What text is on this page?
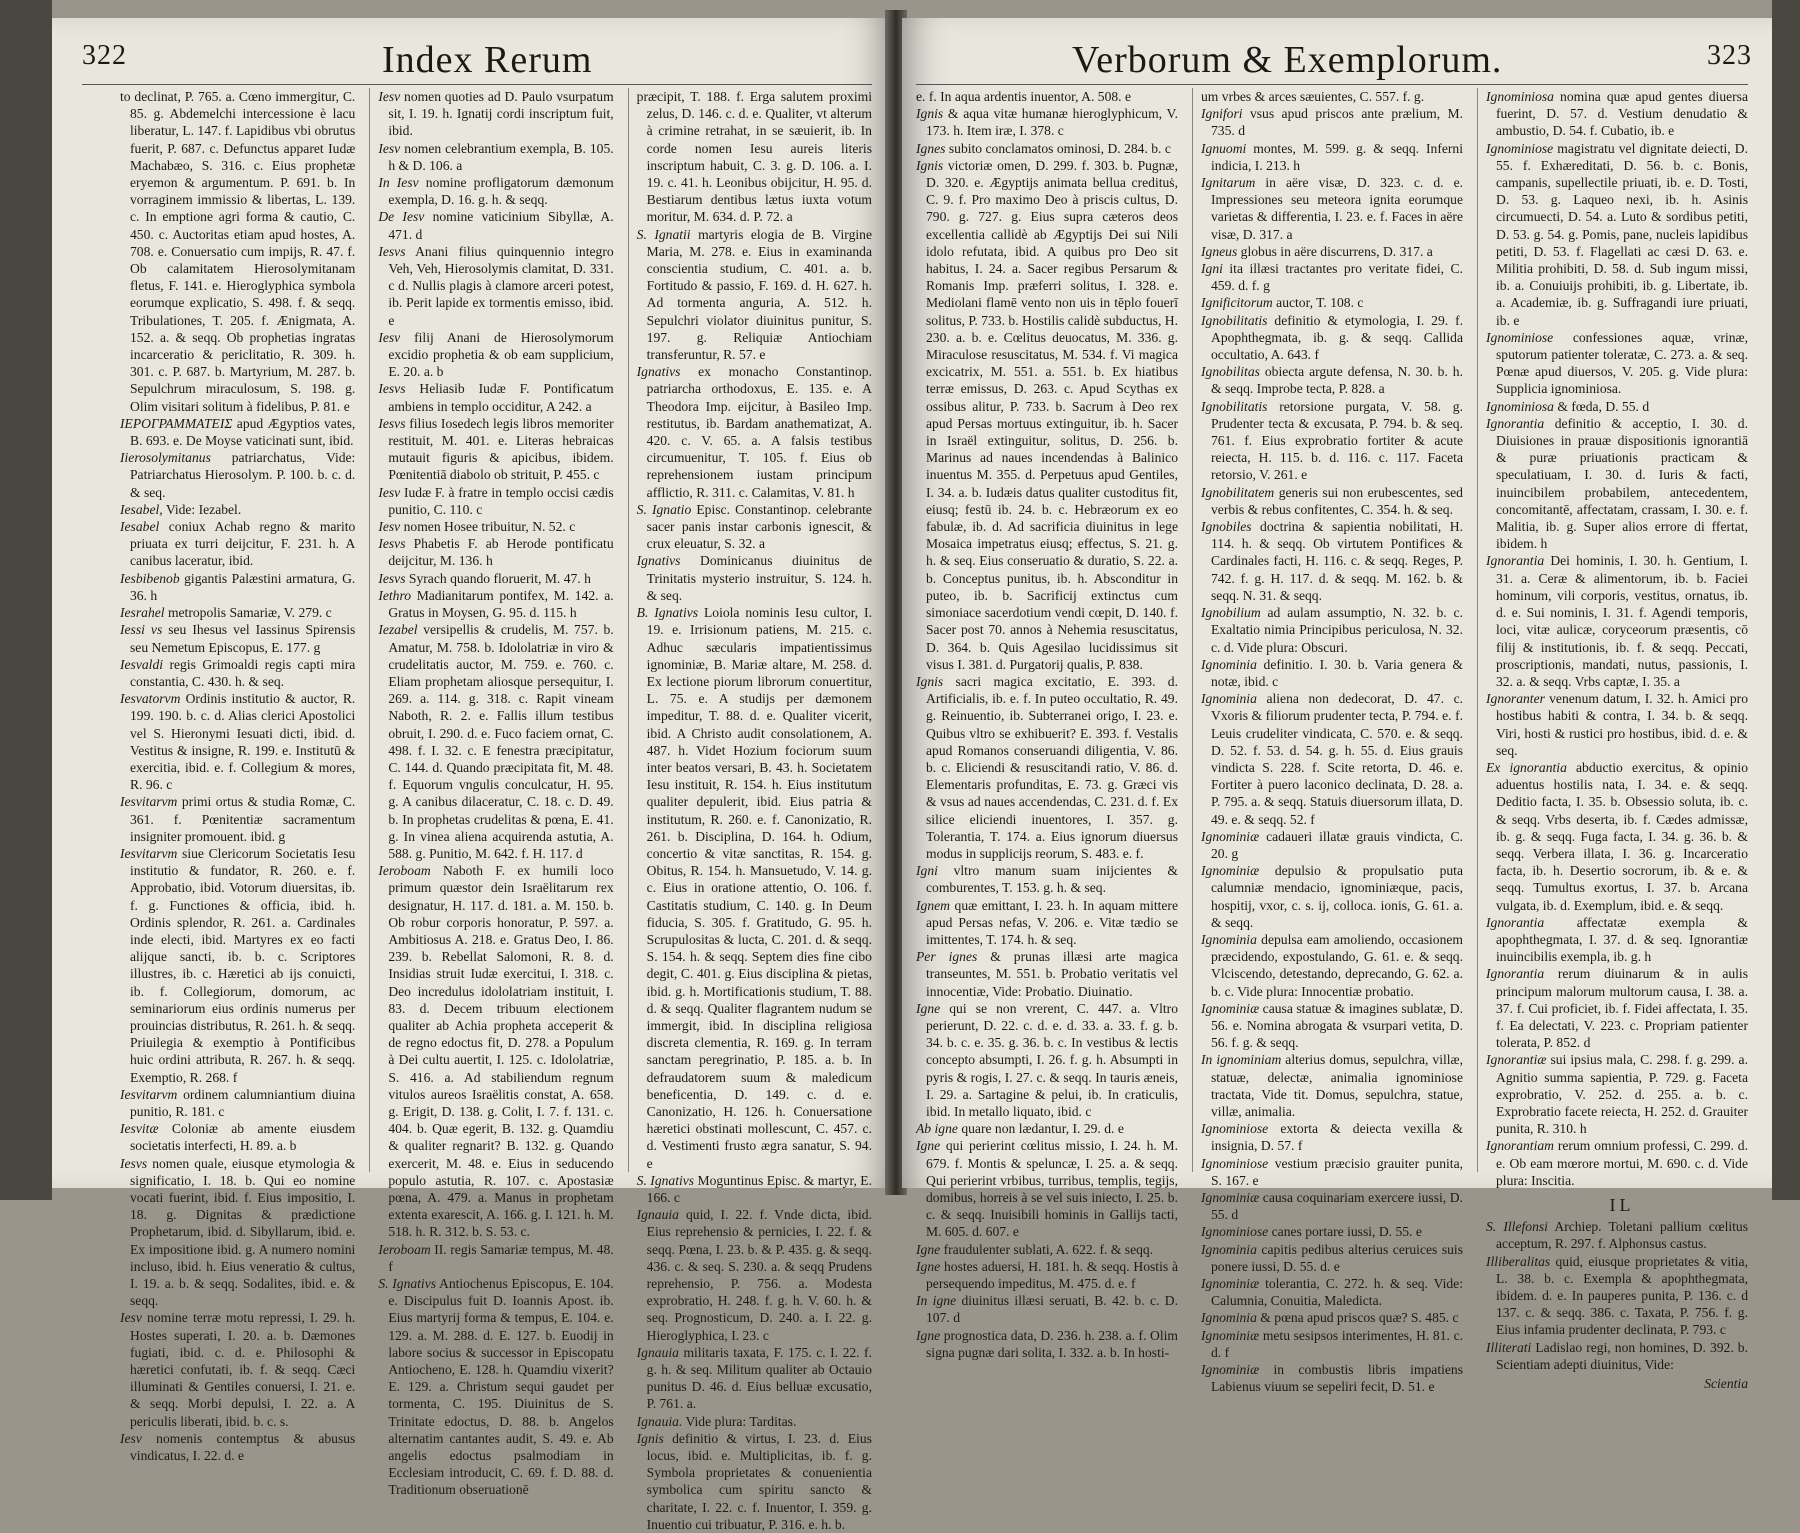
322	Index Rerum

to declinat, P. 765. a. Cœno immergitur, C. 85. g. Abdemelchi intercessione è lacu liberatur, L. 147. f. Lapidibus vbi obrutus fuerit, P. 687. c. Defunctus apparet Iudæ Machabæo, S. 316. c. Eius prophetæ eryemon & argumentum. P. 691. b. In vorraginem immissio & libertas, L. 139. c. In emptione agri forma & cautio, C. 450. c. Auctoritas etiam apud hostes, A. 708. e. Conuersatio cum impijs, R. 47. f. Ob calamitatem Hierosolymitanam fletus, F. 141. e. Hieroglyphica symbola eorumque explicatio, S. 498. f. & seqq. Tribulationes, T. 205. f. Ænigmata, A. 152. a. & seqq. Ob prophetias ingratas incarceratio & periclitatio, R. 309. h. 301. c. P. 687. b. Martyrium, M. 287. b. Sepulchrum miraculosum, S. 198. g. Olim visitari solitum à fidelibus, P. 81. e

IEPOΓPAMMATEIΣ apud Ægyptios vates, B. 693. e. De Moyse vaticinati sunt, ibid.

Iierosolymitanus patriarchatus, Vide: Patriarchatus Hierosolym. P. 100. b. c. d. & seq.

Iesabel, Vide: Iezabel.

Iesabel coniux Achab regno & marito priuata ex turri deijcitur, F. 231. h. A canibus laceratur, ibid.

Iesbibenob gigantis Palæstini armatura, G. 36. h

Iesrahel metropolis Samariæ, V. 279. c

Iessi vs seu Ihesus vel Iassinus Spirensis seu Nemetum Episcopus, E. 177. g

Iesvaldi regis Grimoaldi regis capti mira constantia, C. 430. h. & seq.

Iesvatorvm Ordinis institutio & auctor, R. 199. 190. b. c. d. Alias clerici Apostolici vel S. Hieronymi Iesuati dicti, ibid. d. Vestitus & insigne, R. 199. e. Institutū & exercitia, ibid. e. f. Collegium & mores, R. 96. c

Iesvitarvm primi ortus & studia Romæ, C. 361. f. Pœnitentiæ sacramentum insigniter promouent. ibid. g

Iesvitarvm siue Clericorum Societatis Iesu institutio & fundator, R. 260. e. f. Approbatio, ibid. Votorum diuersitas, ib. f. g. Functiones & officia, ibid. h. Ordinis splendor, R. 261. a. Cardinales inde electi, ibid. Martyres ex eo facti alijque sancti, ib. b. c. Scriptores illustres, ib. c. Hæretici ab ijs conuicti, ib. f. Collegiorum, domorum, ac seminariorum eius ordinis numerus per prouincias distributus, R. 261. h. & seqq. Priuilegia & exemptio à Pontificibus huic ordini attributa, R. 267. h. & seqq. Exemptio, R. 268. f

Iesvitarvm ordinem calumniantium diuina punitio, R. 181. c

Iesvitæ Coloniæ ab amente eiusdem societatis interfecti, H. 89. a. b

Iesvs nomen quale, eiusque etymologia & significatio, I. 18. b. Qui eo nomine vocati fuerint, ibid. f. Eius impositio, I. 18. g. Dignitas & prædictione Prophetarum, ibid. d. Sibyllarum, ibid. e. Ex impositione ibid. g. A numero nomini incluso, ibid. h. Eius veneratio & cultus, I. 19. a. b. & seqq. Sodalites, ibid. e. & seqq.

Iesv nomine terræ motu repressi, I. 29. h. Hostes superati, I. 20. a. b. Dæmones fugiati, ibid. c. d. e. Philosophi & hæretici confutati, ib. f. & seqq. Cæci illuminati & Gentiles conuersi, I. 21. e. & seqq. Morbi depulsi, I. 22. a. A periculis liberati, ibid. b. c. s.

Iesv nomenis contemptus & abusus vindicatus, I. 22. d. e

Iesv nomen quoties ad D. Paulo vsurpatum sit, I. 19. h. Ignatij cordi inscriptum fuit, ibid.

Iesv nomen celebrantium exempla, B. 105. h & D. 106. a

In Iesv nomine profligatorum dæmonum exempla, D. 16. g. h. & seqq.

De Iesv nomine vaticinium Sibyllæ, A. 471. d

Iesvs Anani filius quinquennio integro Veh, Veh, Hierosolymis clamitat, D. 331. c d. Nullis plagis à clamore arceri potest, ib. Perit lapide ex tormentis emisso, ibid. e

Iesv filij Anani de Hierosolymorum excidio prophetia & ob eam supplicium, E. 20. a. b

Iesvs Heliasib Iudæ F. Pontificatum ambiens in templo occiditur, A 242. a

Iesvs filius Iosedech legis libros memoriter restituit, M. 401. e. Literas hebraicas mutauit figuris & apicibus, ibidem. Pœnitentiā diabolo ob strituit, P. 455. c

Iesv Iudæ F. à fratre in templo occisi cædis punitio, C. 110. c

Iesv nomen Hosee tribuitur, N. 52. c

Iesvs Phabetis F. ab Herode pontificatu deijcitur, M. 136. h

Iesvs Syrach quando floruerit, M. 47. h

Iethro Madianitarum pontifex, M. 142. a. Gratus in Moysen, G. 95. d. 115. h

Iezabel versipellis & crudelis, M. 757. b. Amatur, M. 758. b. Idololatriæ in viro & crudelitatis auctor, M. 759. e. 760. c. Eliam prophetam aliosque persequitur, I. 269. a. 114. g. 318. c. Rapit vineam Naboth, R. 2. e. Fallis illum testibus obruit, I. 290. d. e. Fuco faciem ornat, C. 498. f. I. 32. c. E fenestra præcipitatur, C. 144. d. Quando præcipitata fit, M. 48. f. Equorum vngulis conculcatur, H. 95. g. A canibus dilaceratur, C. 18. c. D. 49. b. In prophetas crudelitas & pœna, E. 41. g. In vinea aliena acquirenda astutia, A. 588. g. Punitio, M. 642. f. H. 117. d

Ieroboam Naboth F. ex humili loco primum quæstor dein Israëlitarum rex designatur, H. 117. d. 181. a. M. 150. b. Ob robur corporis honoratur, P. 597. a. Ambitiosus A. 218. e. Gratus Deo, I. 86. 239. b. Rebellat Salomoni, R. 8. d. Insidias struit Iudæ exercitui, I. 318. c. Deo incredulus idololatriam instituit, I. 83. d. Decem tribuum electionem qualiter ab Achia propheta acceperit & de regno edoctus fit, D. 278. a Populum à Dei cultu auertit, I. 125. c. Idololatriæ, S. 416. a. Ad stabiliendum regnum vitulos aureos Israëlitis constat, A. 658. g. Erigit, D. 138. g. Colit, I. 7. f. 131. c. 404. b. Quæ egerit, B. 132. g. Quamdiu & qualiter regnarit? B. 132. g. Quando exercerit, M. 48. e. Eius in seducendo populo astutia, R. 107. c. Apostasiæ pœna, A. 479. a. Manus in prophetam extenta exarescit, A. 166. g. I. 121. h. M. 518. h. R. 312. b. S. 53. c.

Ieroboam II. regis Samariæ tempus, M. 48. f

S. Ignativs Antiochenus Episcopus, E. 104. e. Discipulus fuit D. Ioannis Apost. ib. Eius martyrij forma & tempus, E. 104. e. 129. a. M. 288. d. E. 127. b. Euodij in labore socius & successor in Episcopatu Antiocheno, E. 128. h. Quamdiu vixerit? E. 129. a. Christum sequi gaudet per tormenta, C. 195. Diuinitus de S. Trinitate edoctus, D. 88. b. Angelos alternatim cantantes audit, S. 49. e. Ab angelis edoctus psalmodiam in Ecclesiam introducit, C. 69. f. D. 88. d. Traditionum obseruationē

præcipit, T. 188. f. Erga salutem proximi zelus, D. 146. c. d. e. Qualiter, vt alterum à crimine retrahat, in se sæuierit, ib. In corde nomen Iesu aureis literis inscriptum habuit, C. 3. g. D. 106. a. I. 19. c. 41. h. Leonibus obijcitur, H. 95. d. Bestiarum dentibus lætus iuxta votum moritur, M. 634. d. P. 72. a

S. Ignatii martyris elogia de B. Virgine Maria, M. 278. e. Eius in examinanda conscientia studium, C. 401. a. b. Fortitudo & passio, F. 169. d. H. 627. h. Ad tormenta anguria, A. 512. h. Sepulchri violator diuinitus punitur, S. 197. g. Reliquiæ Antiochiam transferuntur, R. 57. e

Ignativs ex monacho Constantinop. patriarcha orthodoxus, E. 135. e. A Theodora Imp. eijcitur, à Basileo Imp. restitutus, ib. Bardam anathematizat, A. 420. c. V. 65. a. A falsis testibus circumuenitur, T. 105. f. Eius ob reprehensionem iustam principum afflictio, R. 311. c. Calamitas, V. 81. h

S. Ignatio Episc. Constantinop. celebrante sacer panis instar carbonis ignescit, & crux eleuatur, S. 32. a

Ignativs Dominicanus diuinitus de Trinitatis mysterio instruitur, S. 124. h. & seq.

B. Ignativs Loiola nominis Iesu cultor, I. 19. e. Irrisionum patiens, M. 215. c. Adhuc sæcularis impatientissimus ignominiæ, B. Mariæ altare, M. 258. d. Ex lectione piorum librorum conuertitur, L. 75. e. A studijs per dæmonem impeditur, T. 88. d. e. Qualiter vicerit, ibid. A Christo audit consolationem, A. 487. h. Videt Hozium fociorum suum inter beatos versari, B. 43. h. Societatem Iesu instituit, R. 154. h. Eius institutum qualiter depulerit, ibid. Eius patria & institutum, R. 260. e. f. Canonizatio, R. 261. b. Disciplina, D. 164. h. Odium, concertio & vitæ sanctitas, R. 154. g. Obitus, R. 154. h. Mansuetudo, V. 14. g. c. Eius in oratione attentio, O. 106. f. Castitatis studium, C. 140. g. In Deum fiducia, S. 305. f. Gratitudo, G. 95. h. Scrupulositas & lucta, C. 201. d. & seqq. S. 154. h. & seqq. Septem dies fine cibo degit, C. 401. g. Eius disciplina & pietas, ibid. g. h. Mortificationis studium, T. 88. d. & seqq. Qualiter flagrantem nudum se immergit, ibid. In disciplina religiosa discreta clementia, R. 169. g. In terram sanctam peregrinatio, P. 185. a. b. In defraudatorem suum & maledicum beneficentia, D. 149. c. d. e. Canonizatio, H. 126. h. Conuersatione hæretici obstinati mollescunt, C. 457. c. d. Vestimenti frusto ægra sanatur, S. 94. e

S. Ignativs Moguntinus Episc. & martyr, E. 166. c

Ignauia quid, I. 22. f. Vnde dicta, ibid. Eius reprehensio & pernicies, I. 22. f. & seqq. Pœna, I. 23. b. & P. 435. g. & seqq. 436. c. & seq. S. 230. a. & seqq Prudens reprehensio, P. 756. a. Modesta exprobratio, H. 248. f. g. h. V. 60. h. & seq. Prognosticum, D. 240. a. I. 22. g. Hieroglyphica, I. 23. c

Ignauia militaris taxata, F. 175. c. I. 22. f. g. h. & seq. Militum qualiter ab Octauio punitus D. 46. d. Eius belluæ excusatio, P. 761. a.

Ignauia. Vide plura: Tarditas.

Ignis definitio & virtus, I. 23. d. Eius locus, ibid. e. Multiplicitas, ib. f. g. Symbola proprietates & conuenientia symbolica cum spiritu sancto & charitate, I. 22. c. f. Inuentor, I. 359. g. Inuentio cui tribuatur, P. 316. e. h. b.

Verborum & Exemplorum.	323

e. f. In aqua ardentis inuentor, A. 508. e

Ignis & aqua vitæ humanæ hieroglyphicum, V. 173. h. Item iræ, I. 378. c

Ignes subito conclamatos ominosi, D. 284. b. c

Ignis victoriæ omen, D. 299. f. 303. b. Pugnæ, D. 320. e. Ægyptijs animata bellua credituṡ, C. 9. f. Pro maximo Deo à priscis cultus, D. 790. g. 727. g. Eius supra cæteros deos excellentia callidè ab Ægyptijs Dei sui Nili idolo refutata, ibid. A quibus pro Deo sit habitus, I. 24. a. Sacer regibus Persarum & Romanis Imp. præferri solitus, I. 328. e. Mediolani flamē vento non uis in tēplo fouerī solitus, P. 733. b. Hostilis calidè subductus, H. 230. a. b. e. Cœlitus deuocatus, M. 336. g. Miraculose resuscitatus, M. 534. f. Vi magica excicatrix, M. 551. a. 551. b. Ex hiatibus terræ emissus, D. 263. c. Apud Scythas ex ossibus alitur, P. 733. b. Sacrum à Deo rex apud Persas mortuus extinguitur, ib. h. Sacer in Israël extinguitur, solitus, D. 256. b. Marinus ad naues incendendas à Balinico inuentus M. 355. d. Perpetuus apud Gentiles, I. 34. a. b. Iudæis datus qualiter custoditus fit, eiusq; festū ib. 24. b. c. Hebræorum ex eo fabulæ, ib. d. Ad sacrificia diuinitus in lege Mosaica impetratus eiusq; effectus, S. 21. g. h. & seq. Eius conseruatio & duratio, S. 22. a. b. Conceptus punitus, ib. h. Absconditur in puteo, ib. b. Sacrificij extinctus cum simoniace sacerdotium vendi cœpit, D. 140. f. Sacer post 70. annos à Nehemia resuscitatus, D. 364. b. Quis Agesilao lucidissimus sit visus I. 381. d. Purgatorij qualis, P. 838.

Ignis sacri magica excitatio, E. 393. d. Artificialis, ib. e. f. In puteo occultatio, R. 49. g. Reinuentio, ib. Subterranei origo, I. 23. e. Quibus vltro se exhibuerit? E. 393. f. Vestalis apud Romanos conseruandi diligentia, V. 86. b. c. Eliciendi & resuscitandi ratio, V. 86. d. Elementaris profunditas, E. 73. g. Græci vis & vsus ad naues accendendas, C. 231. d. f. Ex silice eliciendi inuentores, I. 357. g. Tolerantia, T. 174. a. Eius ignorum diuersus modus in supplicijs reorum, S. 483. e. f.

Igni vltro manum suam inijcientes & comburentes, T. 153. g. h. & seq.

Ignem quæ emittant, I. 23. h. In aquam mittere apud Persas nefas, V. 206. e. Vitæ tædio se imittentes, T. 174. h. & seq.

Per ignes & prunas illæsi arte magica transeuntes, M. 551. b. Probatio veritatis vel innocentiæ, Vide: Probatio. Diuinatio.

Igne qui se non vrerent, C. 447. a. Vltro perierunt, D. 22. c. d. e. d. 33. a. 33. f. g. b. 34. b. c. e. 35. g. 36. b. c. In vestibus & lectis concepto absumpti, I. 26. f. g. h. Absumpti in pyris & rogis, I. 27. c. & seqq. In tauris æneis, I. 29. a. Sartagine & pelui, ib. In craticulis, ibid. In metallo liquato, ibid. c

Ab igne quare non lædantur, I. 29. d. e

Igne qui perierint cœlitus missio, I. 24. h. M. 679. f. Montis & speluncæ, I. 25. a. & seqq. Qui perierint vrbibus, turribus, templis, tegijs, domibus, horreis à se vel suis iniecto, I. 25. b. c. & seqq. Inuisibili hominis in Gallijs tacti, M. 605. d. 607. e

Igne fraudulenter sublati, A. 622. f. & seqq.

Igne hostes aduersi, H. 181. h. & seqq. Hostis à persequendo impeditus, M. 475. d. e. f

In igne diuinitus illæsi seruati, B. 42. b. c. D. 107. d

Igne prognostica data, D. 236. h. 238. a. f. Olim signa pugnæ dari solita, I. 332. a. b. In hosti-

um vrbes & arces sæuientes, C. 557. f. g.

Ignifori vsus apud priscos ante prælium, M. 735. d

Ignuomi montes, M. 599. g. & seqq. Inferni indicia, I. 213. h

Ignitarum in aëre visæ, D. 323. c. d. e. Impressiones seu meteora ignita eorumque varietas & differentia, I. 23. e. f. Faces in aëre visæ, D. 317. a

Igneus globus in aëre discurrens, D. 317. a

Igni ita illæsi tractantes pro veritate fidei, C. 459. d. f. g

Ignificitorum auctor, T. 108. c

Ignobilitatis definitio & etymologia, I. 29. f. Apophthegmata, ib. g. & seqq. Callida occultatio, A. 643. f

Ignobilitas obiecta argute defensa, N. 30. b. h. & seqq. Improbe tecta, P. 828. a

Ignobilitatis retorsione purgata, V. 58. g. Prudenter tecta & excusata, P. 794. b. & seq. 761. f. Eius exprobratio fortiter & acute reiecta, H. 115. b. d. 116. c. 117. Faceta retorsio, V. 261. e

Ignobilitatem generis sui non erubescentes, sed verbis & rebus confitentes, C. 354. h. & seq.

Ignobiles doctrina & sapientia nobilitati, H. 114. h. & seqq. Ob virtutem Pontifices & Cardinales facti, H. 116. c. & seqq. Reges, P. 742. f. g. H. 117. d. & seqq. M. 162. b. & seqq. N. 31. & seqq.

Ignobilium ad aulam assumptio, N. 32. b. c. Exaltatio nimia Principibus periculosa, N. 32. c. d. Vide plura: Obscuri.

Ignominia definitio. I. 30. b. Varia genera & notæ, ibid. c

Ignominia aliena non dedecorat, D. 47. c. Vxoris & filiorum prudenter tecta, P. 794. e. f. Leuis crudeliter vindicata, C. 570. e. & seqq. D. 52. f. 53. d. 54. g. h. 55. d. Eius grauis vindicta S. 228. f. Scite retorta, D. 46. e. Fortiter à puero laconico declinata, D. 28. a. P. 795. a. & seqq. Statuis diuersorum illata, D. 49. e. & seqq. 52. f

Ignominiæ cadaueri illatæ grauis vindicta, C. 20. g

Ignominiæ depulsio & propulsatio puta calumniæ mendacio, ignominiæque, pacis, hospitij, vxor, c. s. ij, colloca. ionis, G. 61. a. & seqq.

Ignominia depulsa eam amoliendo, occasionem præcidendo, expostulando, G. 61. e. & seqq. Vlciscendo, detestando, deprecando, G. 62. a. b. c. Vide plura: Innocentiæ probatio.

Ignominiæ causa statuæ & imagines sublatæ, D. 56. e. Nomina abrogata & vsurpari vetita, D. 56. f. g. & seqq.

In ignominiam alterius domus, sepulchra, villæ, statuæ, delectæ, animalia ignominiose tractata, Vide tit. Domus, sepulchra, statue, villæ, animalia.

Ignominiose extorta & deiecta vexilla & insignia, D. 57. f

Ignominiose vestium præcisio grauiter punita, S. 167. e

Ignominiæ causa coquinariam exercere iussi, D. 55. d

Ignominiose canes portare iussi, D. 55. e

Ignominia capitis pedibus alterius ceruices suis ponere iussi, D. 55. d. e

Ignominiæ tolerantia, C. 272. h. & seq. Vide: Calumnia, Conuitia, Maledicta.

Ignominia & pœna apud priscos quæ? S. 485. c

Ignominiæ metu sesipsos interimentes, H. 81. c. d. f

Ignominiæ in combustis libris impatiens Labienus viuum se sepeliri fecit, D. 51. e

Ignominiosa nomina quæ apud gentes diuersa fuerint, D. 57. d. Vestium denudatio & ambustio, D. 54. f. Cubatio, ib. e

Ignominiose magistratu vel dignitate deiecti, D. 55. f. Exhæreditati, D. 56. b. c. Bonis, campanis, supellectile priuati, ib. e. D. Tosti, D. 53. g. Laqueo nexi, ib. h. Asinis circumuecti, D. 54. a. Luto & sordibus petiti, D. 53. g. 54. g. Pomis, pane, nucleis lapidibus petiti, D. 53. f. Flagellati ac cæsi D. 63. e. Militia prohibiti, D. 58. d. Sub ingum missi, ib. a. Conuiuijs prohibiti, ib. g. Libertate, ib. a. Academiæ, ib. g. Suffragandi iure priuati, ib. e

Ignominiose confessiones aquæ, vrinæ, sputorum patienter toleratæ, C. 273. a. & seq. Pœnæ apud diuersos, V. 205. g. Vide plura: Supplicia ignominiosa.

Ignominiosa & fœda, D. 55. d

Ignorantia definitio & acceptio, I. 30. d. Diuisiones in prauæ dispositionis ignorantiā & puræ priuationis practicam & speculatiuam, I. 30. d. Iuris & facti, inuincibilem probabilem, antecedentem, concomitantē, affectatam, crassam, I. 30. e. f. Malitia, ib. g. Super alios errore di ffertat, ibidem. h

Ignorantia Dei hominis, I. 30. h. Gentium, I. 31. a. Ceræ & alimentorum, ib. b. Faciei hominum, vili corporis, vestitus, ornatus, ib. d. e. Sui nominis, I. 31. f. Agendi temporis, loci, vitæ aulicæ, coryceorum præsentis, cō filij & institutionis, ib. f. & seqq. Peccati, proscriptionis, mandati, nutus, passionis, I. 32. a. & seqq. Vrbs captæ, I. 35. a

Ignoranter venenum datum, I. 32. h. Amici pro hostibus habiti & contra, I. 34. b. & seqq. Viri, hosti & rustici pro hostibus, ibid. d. e. & seq.

Ex ignorantia abductio exercitus, & opinio aduentus hostilis nata, I. 34. e. & seqq. Deditio facta, I. 35. b. Obsessio soluta, ib. c. & seqq. Vrbs deserta, ib. f. Cædes admissæ, ib. g. & seqq. Fuga facta, I. 34. g. 36. b. & seqq. Verbera illata, I. 36. g. Incarceratio facta, ib. h. Desertio socrorum, ib. & e. & seqq. Tumultus exortus, I. 37. b. Arcana vulgata, ib. d. Exemplum, ibid. e. & seqq.

Ignorantia affectatæ exempla & apophthegmata, I. 37. d. & seq. Ignorantiæ inuincibilis exempla, ib. g. h

Ignorantia rerum diuinarum & in aulis principum malorum multorum causa, I. 38. a. 37. f. Cui proficiet, ib. f. Fidei affectata, I. 35. f. Ea delectati, V. 223. c. Propriam patienter tolerata, P. 852. d

Ignorantiæ sui ipsius mala, C. 298. f. g. 299. a. Agnitio summa sapientia, P. 729. g. Faceta exprobratio, V. 252. d. 255. a. b. c. Exprobratio facete reiecta, H. 252. d. Grauiter punita, R. 310. h

Ignorantiam rerum omnium professi, C. 299. d. e. Ob eam mœrore mortui, M. 690. c. d. Vide plura: Inscitia.

IL

S. Illefonsi Archiep. Toletani pallium cœlitus acceptum, R. 297. f. Alphonsus castus.

Illiberalitas quid, eiusque proprietates & vitia, L. 38. b. c. Exempla & apophthegmata, ibidem. d. e. In pauperes punita, P. 136. c. d 137. c. & seqq. 386. c. Taxata, P. 756. f. g. Eius infamia prudenter declinata, P. 793. c

Illiterati Ladislao regi, non homines, D. 392. b. Scientiam adepti diuinitus, Vide:

Scientia
